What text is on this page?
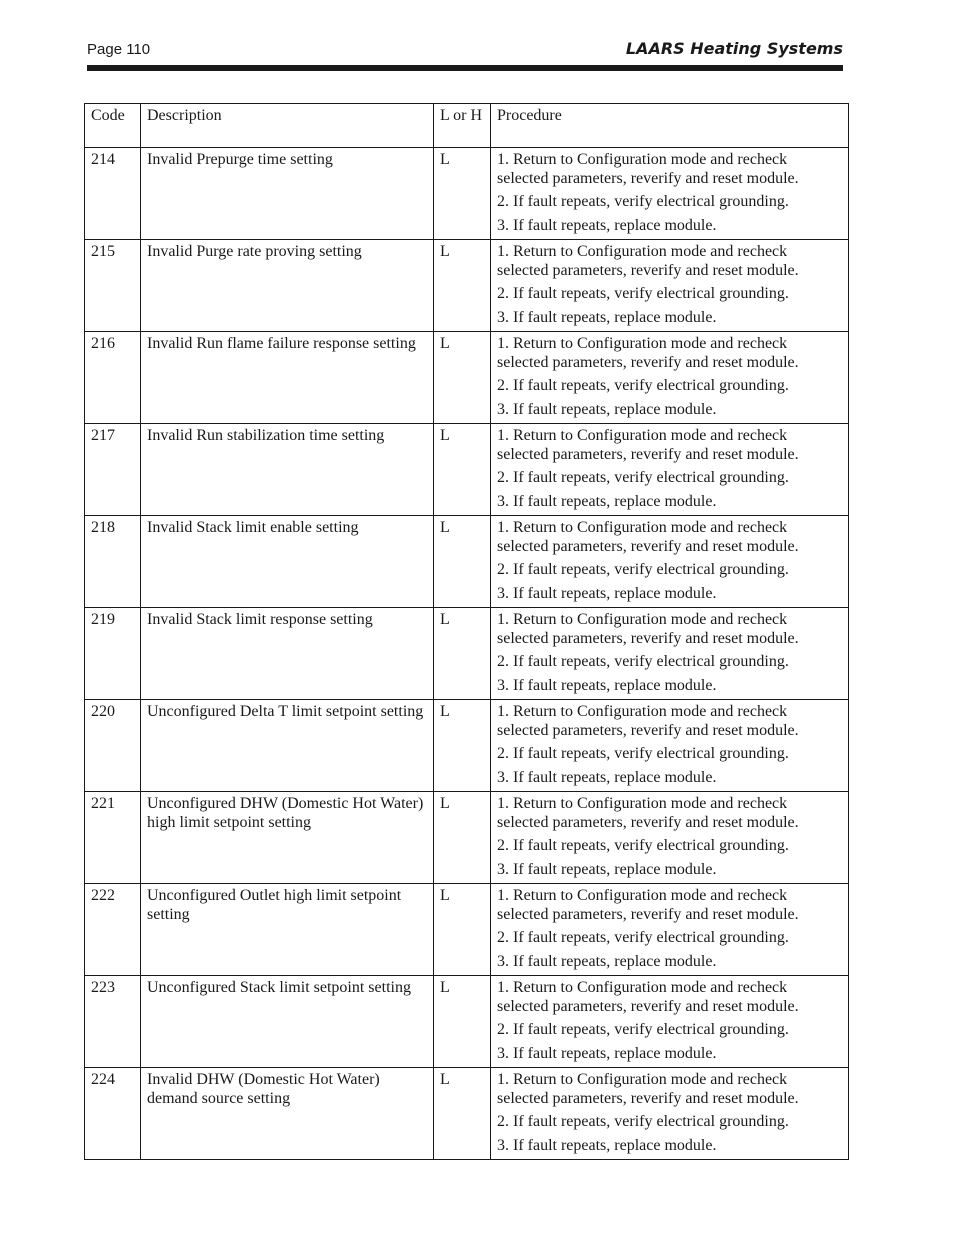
Page 110	LAARS Heating Systems
Code	Description	L or H	Procedure
214	Invalid Prepurge time setting	L	1. Return to Configuration mode and recheck selected parameters, reverify and reset module.
2. If fault repeats, verify electrical grounding.
3. If fault repeats, replace module.

215	Invalid Purge rate proving setting	L	1. Return to Configuration mode and recheck selected parameters, reverify and reset module.
2. If fault repeats, verify electrical grounding.
3. If fault repeats, replace module.

216	Invalid Run flame failure response setting	L	1. Return to Configuration mode and recheck selected parameters, reverify and reset module.
2. If fault repeats, verify electrical grounding.
3. If fault repeats, replace module.

217	Invalid Run stabilization time setting	L	1. Return to Configuration mode and recheck selected parameters, reverify and reset module.
2. If fault repeats, verify electrical grounding.
3. If fault repeats, replace module.

218	Invalid Stack limit enable setting	L	1. Return to Configuration mode and recheck selected parameters, reverify and reset module.
2. If fault repeats, verify electrical grounding.
3. If fault repeats, replace module.

219	Invalid Stack limit response setting	L	1. Return to Configuration mode and recheck selected parameters, reverify and reset module.
2. If fault repeats, verify electrical grounding.
3. If fault repeats, replace module.

220	Unconfigured Delta T limit setpoint setting	L	1. Return to Configuration mode and recheck selected parameters, reverify and reset module.
2. If fault repeats, verify electrical grounding.
3. If fault repeats, replace module.

221	Unconfigured DHW (Domestic Hot Water) high limit setpoint setting	L	1. Return to Configuration mode and recheck selected parameters, reverify and reset module.
2. If fault repeats, verify electrical grounding.
3. If fault repeats, replace module.

222	Unconfigured Outlet high limit setpoint setting	L	1. Return to Configuration mode and recheck selected parameters, reverify and reset module.
2. If fault repeats, verify electrical grounding.
3. If fault repeats, replace module.

223	Unconfigured Stack limit setpoint setting	L	1. Return to Configuration mode and recheck selected parameters, reverify and reset module.
2. If fault repeats, verify electrical grounding.
3. If fault repeats, replace module.

224	Invalid DHW (Domestic Hot Water) demand source setting	L	1. Return to Configuration mode and recheck selected parameters, reverify and reset module.
2. If fault repeats, verify electrical grounding.
3. If fault repeats, replace module.
